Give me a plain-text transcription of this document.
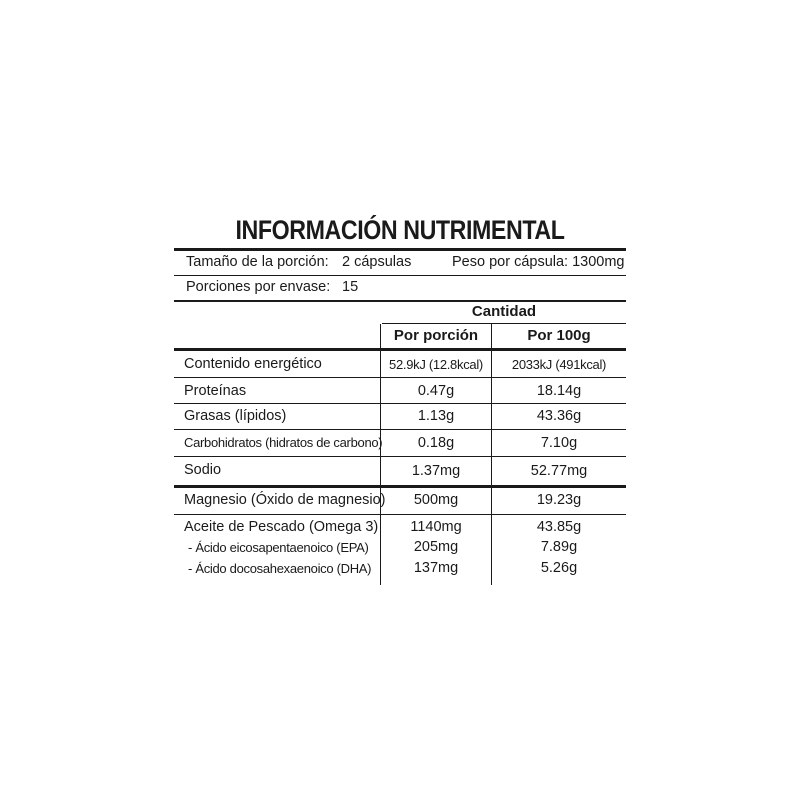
INFORMACIÓN NUTRIMENTAL
Tamaño de la porción: 2 cápsulas	Peso por cápsula: 1300mg
Porciones por envase: 15
Cantidad
Por porción	Por 100g
Contenido energético	52.9kJ (12.8kcal)	2033kJ (491kcal)
Proteínas	0.47g	18.14g
Grasas (lípidos)	1.13g	43.36g
Carbohidratos (hidratos de carbono)	0.18g	7.10g
Sodio	1.37mg	52.77mg
Magnesio (Óxido de magnesio)	500mg	19.23g
Aceite de Pescado (Omega 3)	1140mg	43.85g
- Ácido eicosapentaenoico (EPA)	205mg	7.89g
- Ácido docosahexaenoico (DHA)	137mg	5.26g
